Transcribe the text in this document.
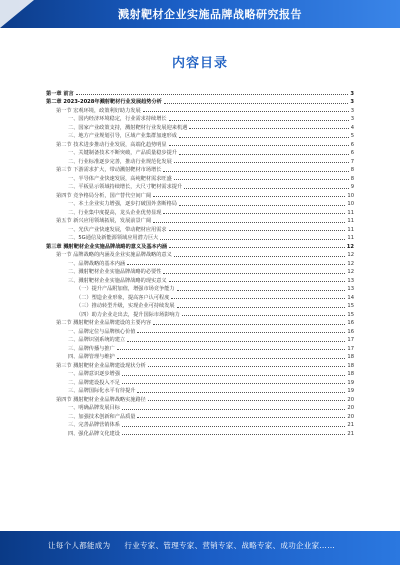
溅射靶材企业实施品牌战略研究报告
内容目录
第一章 前言	3
第二章 2023-2028年溅射靶材行业发展趋势分析	3
第一节 宏观环境，政策利好助力发展	3
一、国内经济环境稳定，行业需求持续增长	3
二、国家产业政策支持，溅射靶材行业发展迎来机遇	4
三、地方产业规划引导，区域产业集群加速形成	5
第二节 技术进步推动行业发展，高端化趋势明显	6
一、关键制备技术不断突破，产品质量稳步提升	6
二、行业标准逐步完善，推动行业规范化发展	7
第三节 下游需求扩大，带动溅射靶材市场增长	8
一、半导体产业快速发展，高纯靶材需求旺盛	8
二、平板显示领域持续增长，大尺寸靶材需求提升	9
第四节 竞争格局分析，国产替代空间广阔	10
一、本土企业实力增强，逐步打破国外垄断格局	10
二、行业集中度提高，龙头企业优势显现	11
第五节 新兴应用领域拓展，发展前景广阔	11
一、光伏产业快速发展，带动靶材应用需求	11
二、5G通信及新能源领域应用潜力巨大	11
第三章 溅射靶材企业实施品牌战略的意义及基本内涵	12
第一节 品牌战略的内涵及企业实施品牌战略的意义	12
一、品牌战略的基本内涵	12
二、溅射靶材企业实施品牌战略的必要性	12
三、溅射靶材企业实施品牌战略的现实意义	13
（一）提升产品附加值，增强市场竞争能力	13
（二）塑造企业形象，提高客户认可程度	14
（三）推动转型升级，实现企业可持续发展	15
（四）助力企业走出去，提升国际市场影响力	15
第二节 溅射靶材企业品牌建设的主要内容	16
一、品牌定位与品牌核心价值	16
二、品牌识别系统的建立	17
三、品牌传播与推广	17
四、品牌管理与维护	18
第三节 溅射靶材企业品牌建设现状分析	18
一、品牌意识逐步增强	18
二、品牌建设投入不足	19
三、品牌国际化水平有待提升	19
第四节 溅射靶材企业品牌战略实施路径	20
一、明确品牌发展目标	20
二、加强技术创新和产品质量	20
三、完善品牌营销体系	21
四、强化品牌文化建设	21
让每个人都能成为 行业专家、管理专家、营销专家、战略专家、成功企业家……
